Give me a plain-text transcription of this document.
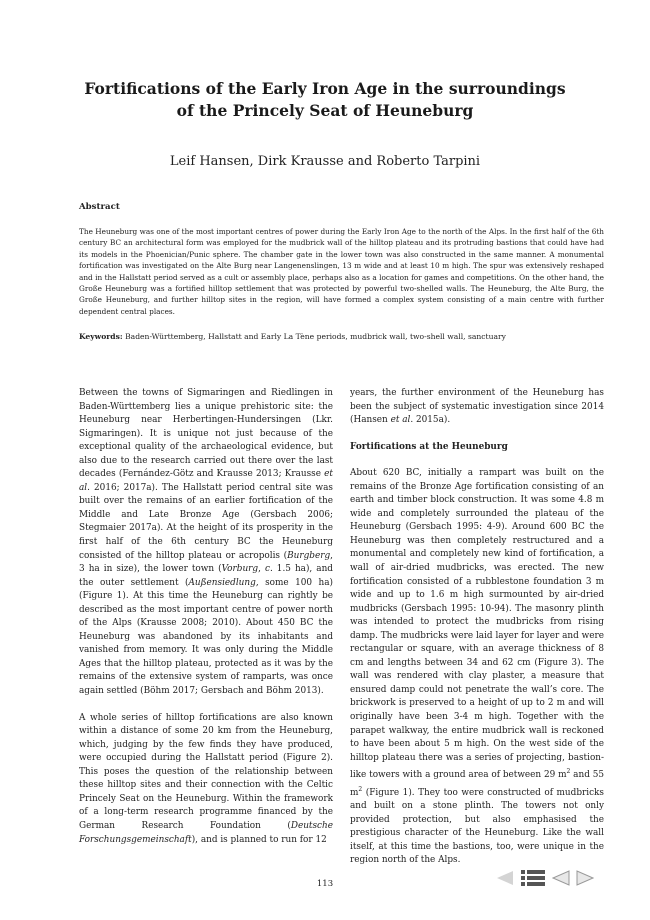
Fortifications of the Early Iron Age in the surroundings
of the Princely Seat of Heuneburg
Leif Hansen, Dirk Krausse and Roberto Tarpini
Abstract

The Heuneburg was one of the most important centres of power during the Early Iron Age to the north of the Alps. In the first half of the 6th century BC an architectural form was employed for the mudbrick wall of the hilltop plateau and its protruding bastions that could have had its models in the Phoenician/Punic sphere. The chamber gate in the lower town was also constructed in the same manner. A monumental fortification was investigated on the Alte Burg near Langenenslingen, 13 m wide and at least 10 m high. The spur was extensively reshaped and in the Hallstatt period served as a cult or assembly place, perhaps also as a location for games and competitions. On the other hand, the Große Heuneburg was a fortified hilltop settlement that was protected by powerful two-shelled walls. The Heuneburg, the Alte Burg, the Große Heuneburg, and further hilltop sites in the region, will have formed a complex system consisting of a main centre with further dependent central places.

Keywords: Baden-Württemberg, Hallstatt and Early La Tène periods, mudbrick wall, two-shell wall, sanctuary

Between the towns of Sigmaringen and Riedlingen in Baden-Württemberg lies a unique prehistoric site: the Heuneburg near Herbertingen-Hundersingen (Lkr. Sigmaringen). It is unique not just because of the exceptional quality of the archaeological evidence, but also due to the research carried out there over the last decades (Fernández-Götz and Krausse 2013; Krausse et al. 2016; 2017a). The Hallstatt period central site was built over the remains of an earlier fortification of the Middle and Late Bronze Age (Gersbach 2006; Stegmaier 2017a). At the height of its prosperity in the first half of the 6th century BC the Heuneburg consisted of the hilltop plateau or acropolis (Burgberg, 3 ha in size), the lower town (Vorburg, c. 1.5 ha), and the outer settlement (Außensiedlung, some 100 ha) (Figure 1). At this time the Heuneburg can rightly be described as the most important centre of power north of the Alps (Krausse 2008; 2010). About 450 BC the Heuneburg was abandoned by its inhabitants and vanished from memory. It was only during the Middle Ages that the hilltop plateau, protected as it was by the remains of the extensive system of ramparts, was once again settled (Böhm 2017; Gersbach and Böhm 2013).

A whole series of hilltop fortifications are also known within a distance of some 20 km from the Heuneburg, which, judging by the few finds they have produced, were occupied during the Hallstatt period (Figure 2). This poses the question of the relationship between these hilltop sites and their connection with the Celtic Princely Seat on the Heuneburg. Within the framework of a long-term research programme financed by the German Research Foundation (Deutsche Forschungsgemeinschaft), and is planned to run for 12

years, the further environment of the Heuneburg has been the subject of systematic investigation since 2014 (Hansen et al. 2015a).

Fortifications at the Heuneburg

About 620 BC, initially a rampart was built on the remains of the Bronze Age fortification consisting of an earth and timber block construction. It was some 4.8 m wide and completely surrounded the plateau of the Heuneburg (Gersbach 1995: 4-9). Around 600 BC the Heuneburg was then completely restructured and a monumental and completely new kind of fortification, a wall of air-dried mudbricks, was erected. The new fortification consisted of a rubblestone foundation 3 m wide and up to 1.6 m high surmounted by air-dried mudbricks (Gersbach 1995: 10-94). The masonry plinth was intended to protect the mudbricks from rising damp. The mudbricks were laid layer for layer and were rectangular or square, with an average thickness of 8 cm and lengths between 34 and 62 cm (Figure 3). The wall was rendered with clay plaster, a measure that ensured damp could not penetrate the wall’s core. The brickwork is preserved to a height of up to 2 m and will originally have been 3-4 m high. Together with the parapet walkway, the entire mudbrick wall is reckoned to have been about 5 m high. On the west side of the hilltop plateau there was a series of projecting, bastion-like towers with a ground area of between 29 $m^2$ and 55 $m^2$ (Figure 1). They too were constructed of mudbricks and built on a stone plinth. The towers not only provided protection, but also emphasised the prestigious character of the Heuneburg. Like the wall itself, at this time the bastions, too, were unique in the region north of the Alps.

113
